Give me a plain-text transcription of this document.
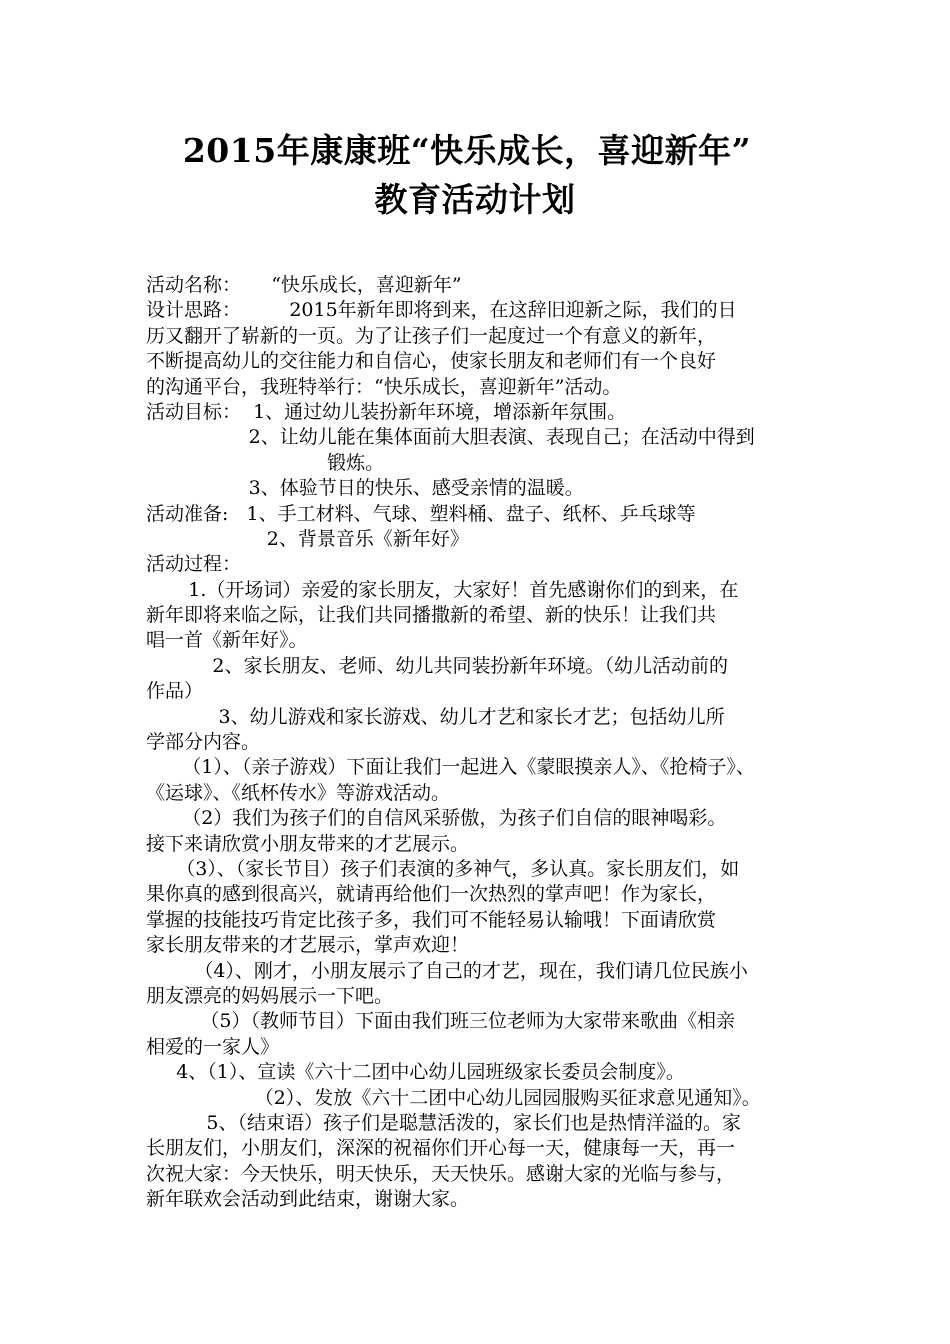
2015年康康班“快乐成长，喜迎新年”
教育活动计划
活动名称：     “快乐成长，喜迎新年”
设计思路：        2015年新年即将到来，在这辞旧迎新之际，我们的日
历又翻开了崭新的一页。为了让孩子们一起度过一个有意义的新年，
不断提高幼儿的交往能力和自信心，使家长朋友和老师们有一个良好
的沟通平台，我班特举行：“快乐成长，喜迎新年”活动。
活动目标：  1、通过幼儿装扮新年环境，增添新年氛围。
2、让幼儿能在集体面前大胆表演、表现自己；在活动中得到
锻炼。
3、体验节日的快乐、感受亲情的温暖。
活动准备:   1、手工材料、气球、塑料桶、盘子、纸杯、乒乓球等
2、背景音乐《新年好》
活动过程：
1.（开场词）亲爱的家长朋友，大家好！首先感谢你们的到来，在
新年即将来临之际，让我们共同播撒新的希望、新的快乐！让我们共
唱一首《新年好》。
2、家长朋友、老师、幼儿共同装扮新年环境。（幼儿活动前的
作品）
3、幼儿游戏和家长游戏、幼儿才艺和家长才艺；包括幼儿所
学部分内容。
（1）、（亲子游戏）下面让我们一起进入《蒙眼摸亲人》、《抢椅子》、
《运球》、《纸杯传水》等游戏活动。
（2）我们为孩子们的自信风采骄傲，为孩子们自信的眼神喝彩。
接下来请欣赏小朋友带来的才艺展示。
（3）、（家长节目）孩子们表演的多神气，多认真。家长朋友们，如
果你真的感到很高兴，就请再给他们一次热烈的掌声吧！作为家长，
掌握的技能技巧肯定比孩子多，我们可不能轻易认输哦！下面请欣赏
家长朋友带来的才艺展示，掌声欢迎！
（4）、刚才，小朋友展示了自己的才艺，现在，我们请几位民族小
朋友漂亮的妈妈展示一下吧。
（5）（教师节目）下面由我们班三位老师为大家带来歌曲《相亲
相爱的一家人》
4、（1）、宣读《六十二团中心幼儿园班级家长委员会制度》。
（2）、发放《六十二团中心幼儿园园服购买征求意见通知》。
5、（结束语）孩子们是聪慧活泼的，家长们也是热情洋溢的。家
长朋友们，小朋友们，深深的祝福你们开心每一天，健康每一天，再一
次祝大家：今天快乐，明天快乐，天天快乐。感谢大家的光临与参与，
新年联欢会活动到此结束，谢谢大家。
